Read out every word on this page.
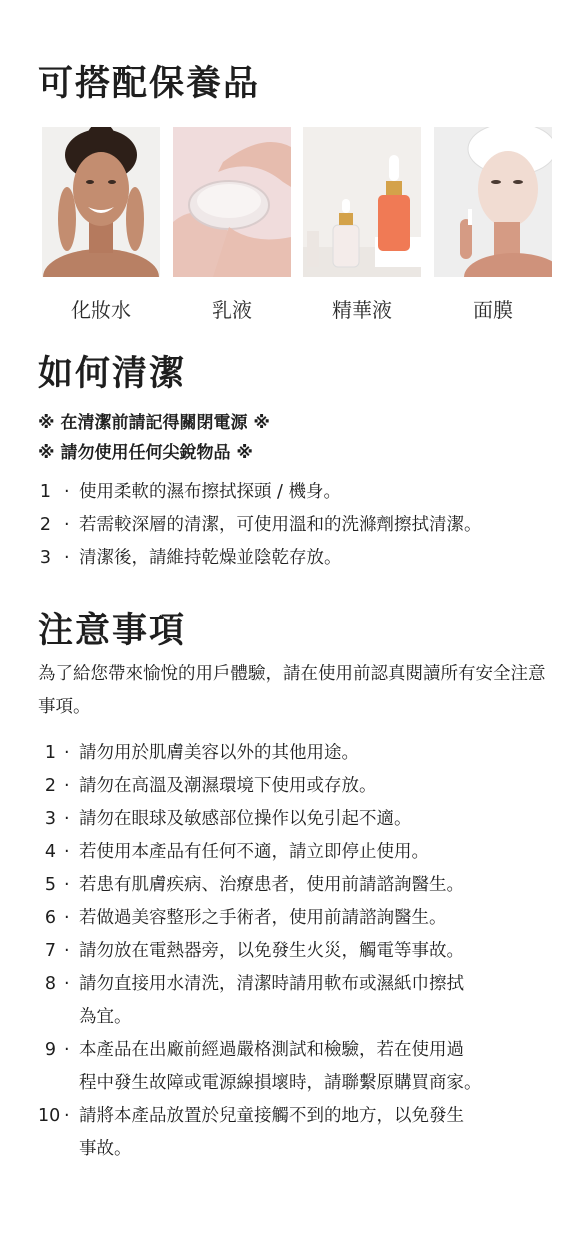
可搭配保養品
化妝水	乳液	精華液	面膜
如何清潔

※ 在清潔前請記得關閉電源 ※

※ 請勿使用任何尖銳物品 ※

1 · 使用柔軟的濕布擦拭探頭 / 機身。
2 · 若需較深層的清潔，可使用溫和的洗滌劑擦拭清潔。
3 · 清潔後，請維持乾燥並陰乾存放。
注意事項

為了給您帶來愉悅的用戶體驗，請在使用前認真閱讀所有安全注意事項。

1 · 請勿用於肌膚美容以外的其他用途。
2 · 請勿在高溫及潮濕環境下使用或存放。
3 · 請勿在眼球及敏感部位操作以免引起不適。
4 · 若使用本產品有任何不適，請立即停止使用。
5 · 若患有肌膚疾病、治療患者，使用前請諮詢醫生。
6 · 若做過美容整形之手術者，使用前請諮詢醫生。
7 · 請勿放在電熱器旁，以免發生火災，觸電等事故。
8 · 請勿直接用水清洗，清潔時請用軟布或濕紙巾擦拭
為宜。
9 · 本產品在出廠前經過嚴格測試和檢驗，若在使用過
程中發生故障或電源線損壞時，請聯繫原購買商家。
10 · 請將本產品放置於兒童接觸不到的地方，以免發生
事故。
